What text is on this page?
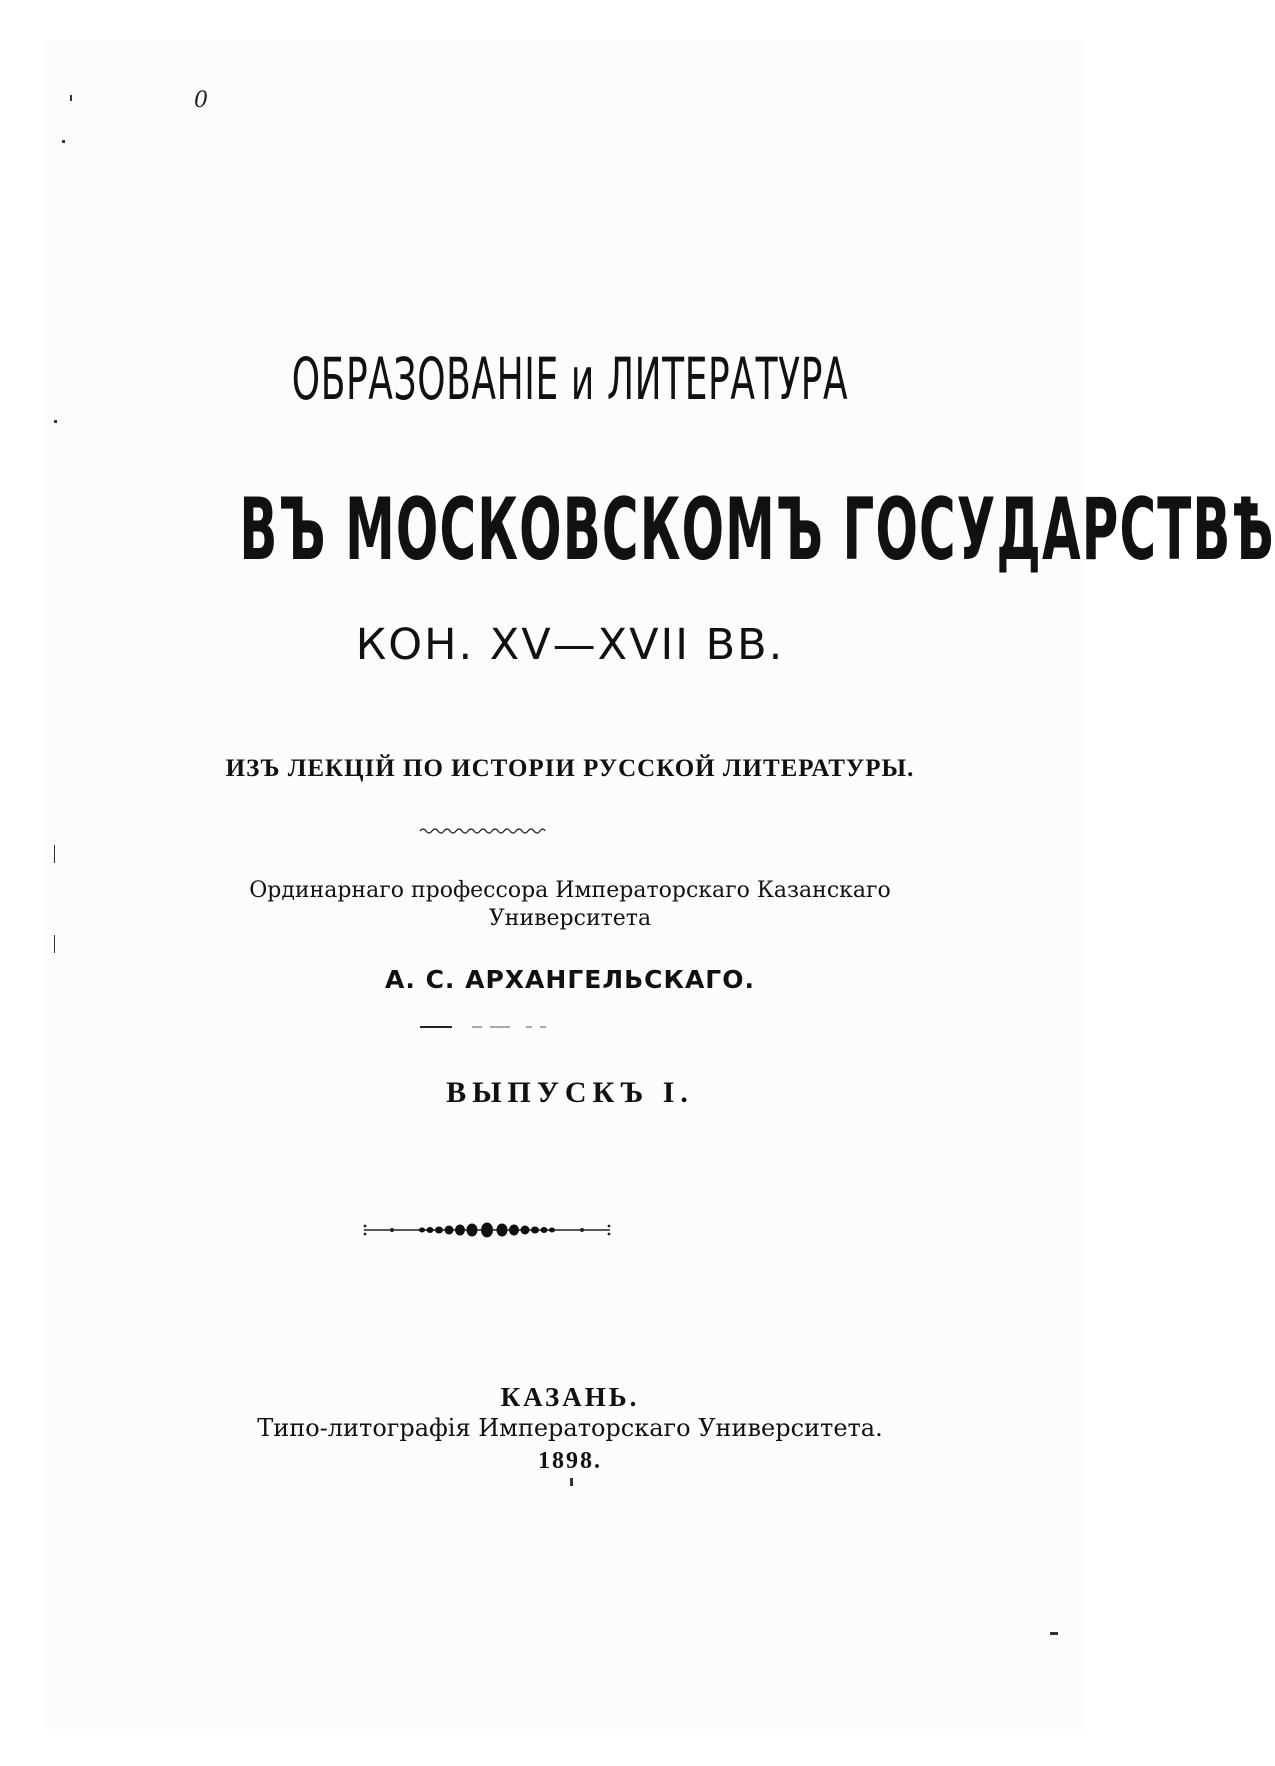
0
ОБРАЗОВАНІЕ и ЛИТЕРАТУРА
ВЪ МОСКОВСКОМЪ ГОСУДАРСТВѢ
КОН. XV—XVII ВВ.
ИЗЪ ЛЕКЦІЙ ПО ИСТОРІИ РУССКОЙ ЛИТЕРАТУРЫ.
Ординарнаго профессора Императорскаго Казанскаго
Университета
А. С. АРХАНГЕЛЬСКАГО.
ВЫПУСКЪ I.
КАЗАНЬ.
Типо-литографія Императорскаго Университета.
1898.
